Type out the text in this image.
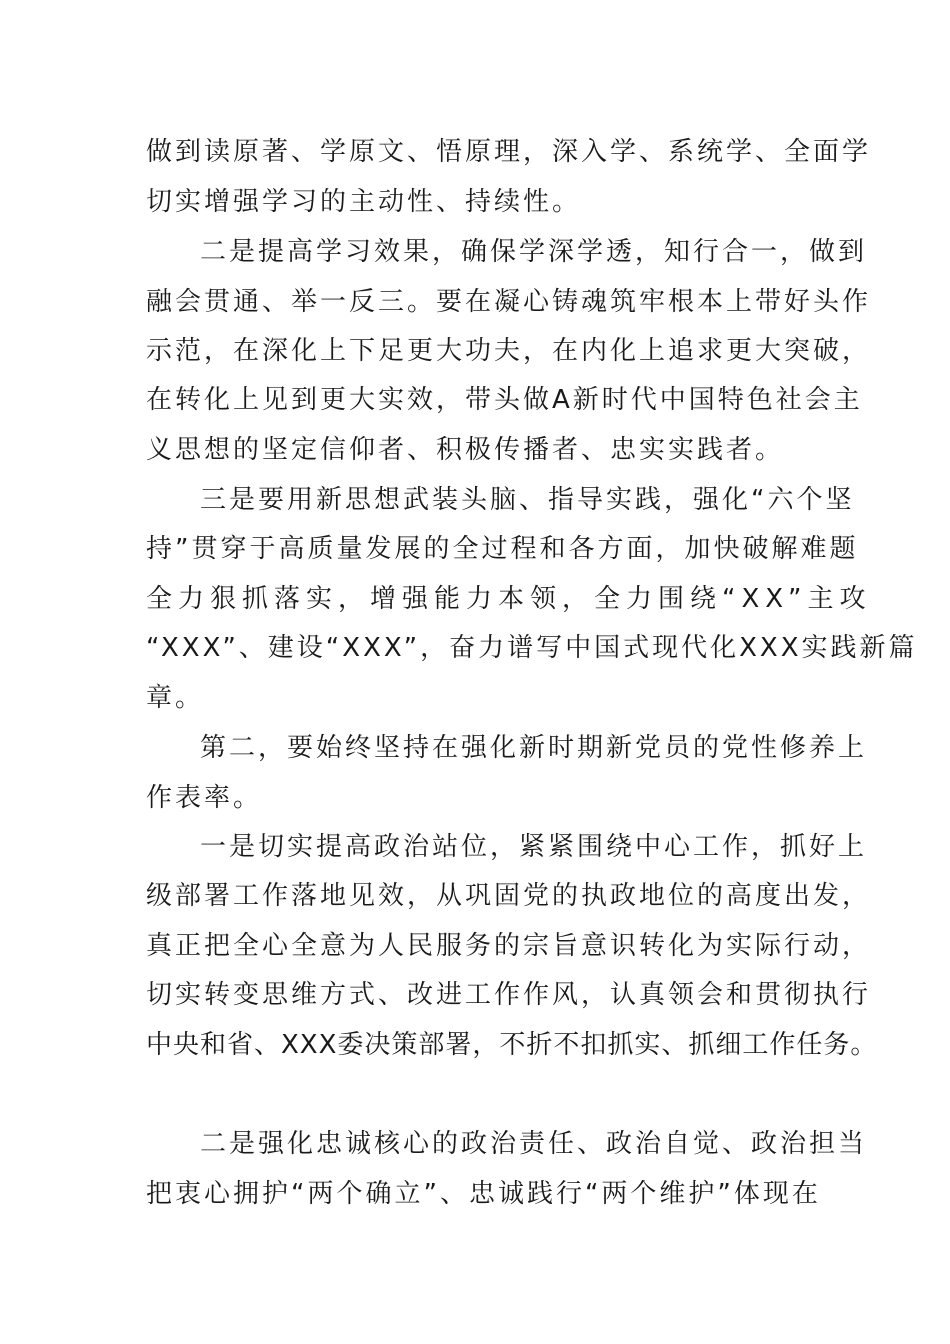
做到读原著、学原文、悟原理，深入学、系统学、全面学

切实增强学习的主动性、持续性。

二是提高学习效果，确保学深学透，知行合一，做到

融会贯通、举一反三。要在凝心铸魂筑牢根本上带好头作

示范，在深化上下足更大功夫，在内化上追求更大突破，

在转化上见到更大实效，带头做A新时代中国特色社会主

义思想的坚定信仰者、积极传播者、忠实实践者。

三是要用新思想武装头脑、指导实践，强化“六个坚

持”贯穿于高质量发展的全过程和各方面，加快破解难题

全力狠抓落实，增强能力本领，全力围绕“XX”主攻

“XXX”、建设“XXX”，奋力谱写中国式现代化XXX实践新篇

章。

第二，要始终坚持在强化新时期新党员的党性修养上

作表率。

一是切实提高政治站位，紧紧围绕中心工作，抓好上

级部署工作落地见效，从巩固党的执政地位的高度出发，

真正把全心全意为人民服务的宗旨意识转化为实际行动，

切实转变思维方式、改进工作作风，认真领会和贯彻执行

中央和省、XXX委决策部署，不折不扣抓实、抓细工作任务。

二是强化忠诚核心的政治责任、政治自觉、政治担当

把衷心拥护“两个确立”、忠诚践行“两个维护”体现在
